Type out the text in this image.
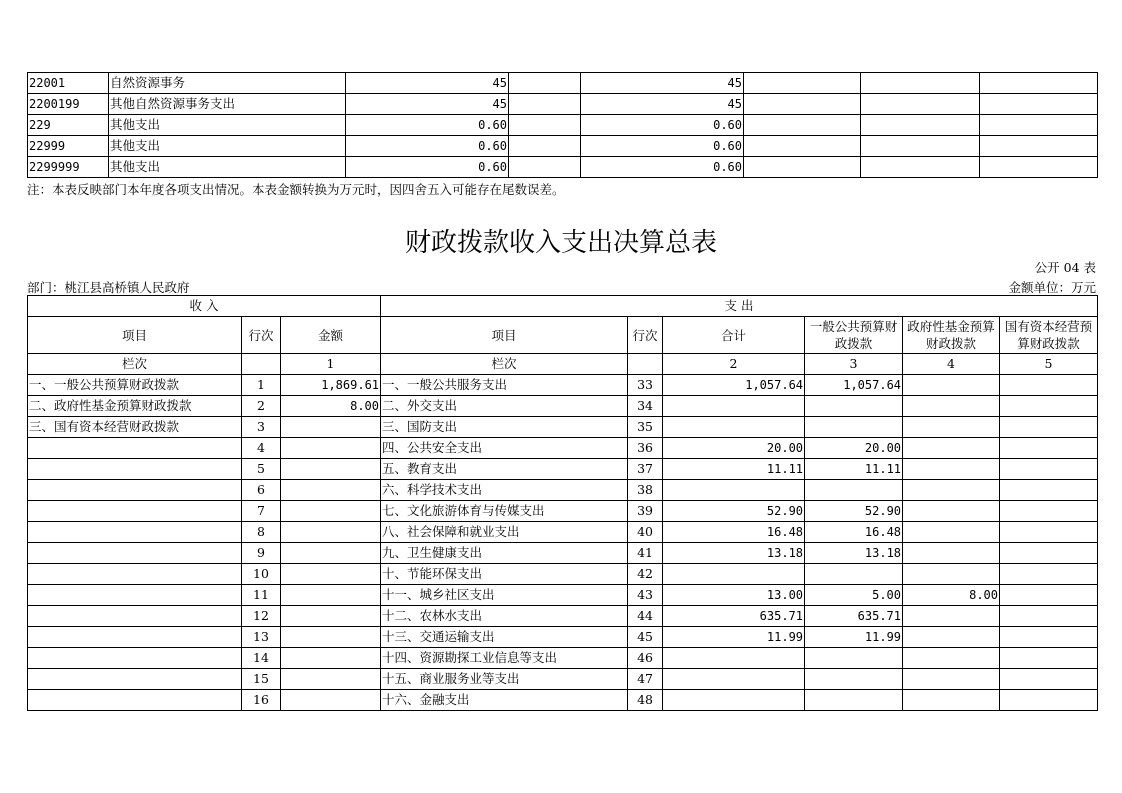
22001	自然资源事务	45		45			
2200199	其他自然资源事务支出	45		45			
229	其他支出	0.60		0.60			
22999	其他支出	0.60		0.60			
2299999	其他支出	0.60		0.60			
注：本表反映部门本年度各项支出情况。本表金额转换为万元时，因四舍五入可能存在尾数误差。
财政拨款收入支出决算总表
公开 04 表
部门：桃江县高桥镇人民政府	金额单位：万元
收 入			支 出					
项目	行次	金额	项目	行次	合计	一般公共预算财政拨款	政府性基金预算财政拨款	国有资本经营预算财政拨款
栏次		1	栏次		2	3	4	5
一、一般公共预算财政拨款	1	1,869.61	一、一般公共服务支出	33	1,057.64	1,057.64		
二、政府性基金预算财政拨款	2	8.00	二、外交支出	34				
三、国有资本经营财政拨款	3		三、国防支出	35				
	4		四、公共安全支出	36	20.00	20.00		
	5		五、教育支出	37	11.11	11.11		
	6		六、科学技术支出	38				
	7		七、文化旅游体育与传媒支出	39	52.90	52.90		
	8		八、社会保障和就业支出	40	16.48	16.48		
	9		九、卫生健康支出	41	13.18	13.18		
	10		十、节能环保支出	42				
	11		十一、城乡社区支出	43	13.00	5.00	8.00	
	12		十二、农林水支出	44	635.71	635.71		
	13		十三、交通运输支出	45	11.99	11.99		
	14		十四、资源勘探工业信息等支出	46				
	15		十五、商业服务业等支出	47				
	16		十六、金融支出	48				
